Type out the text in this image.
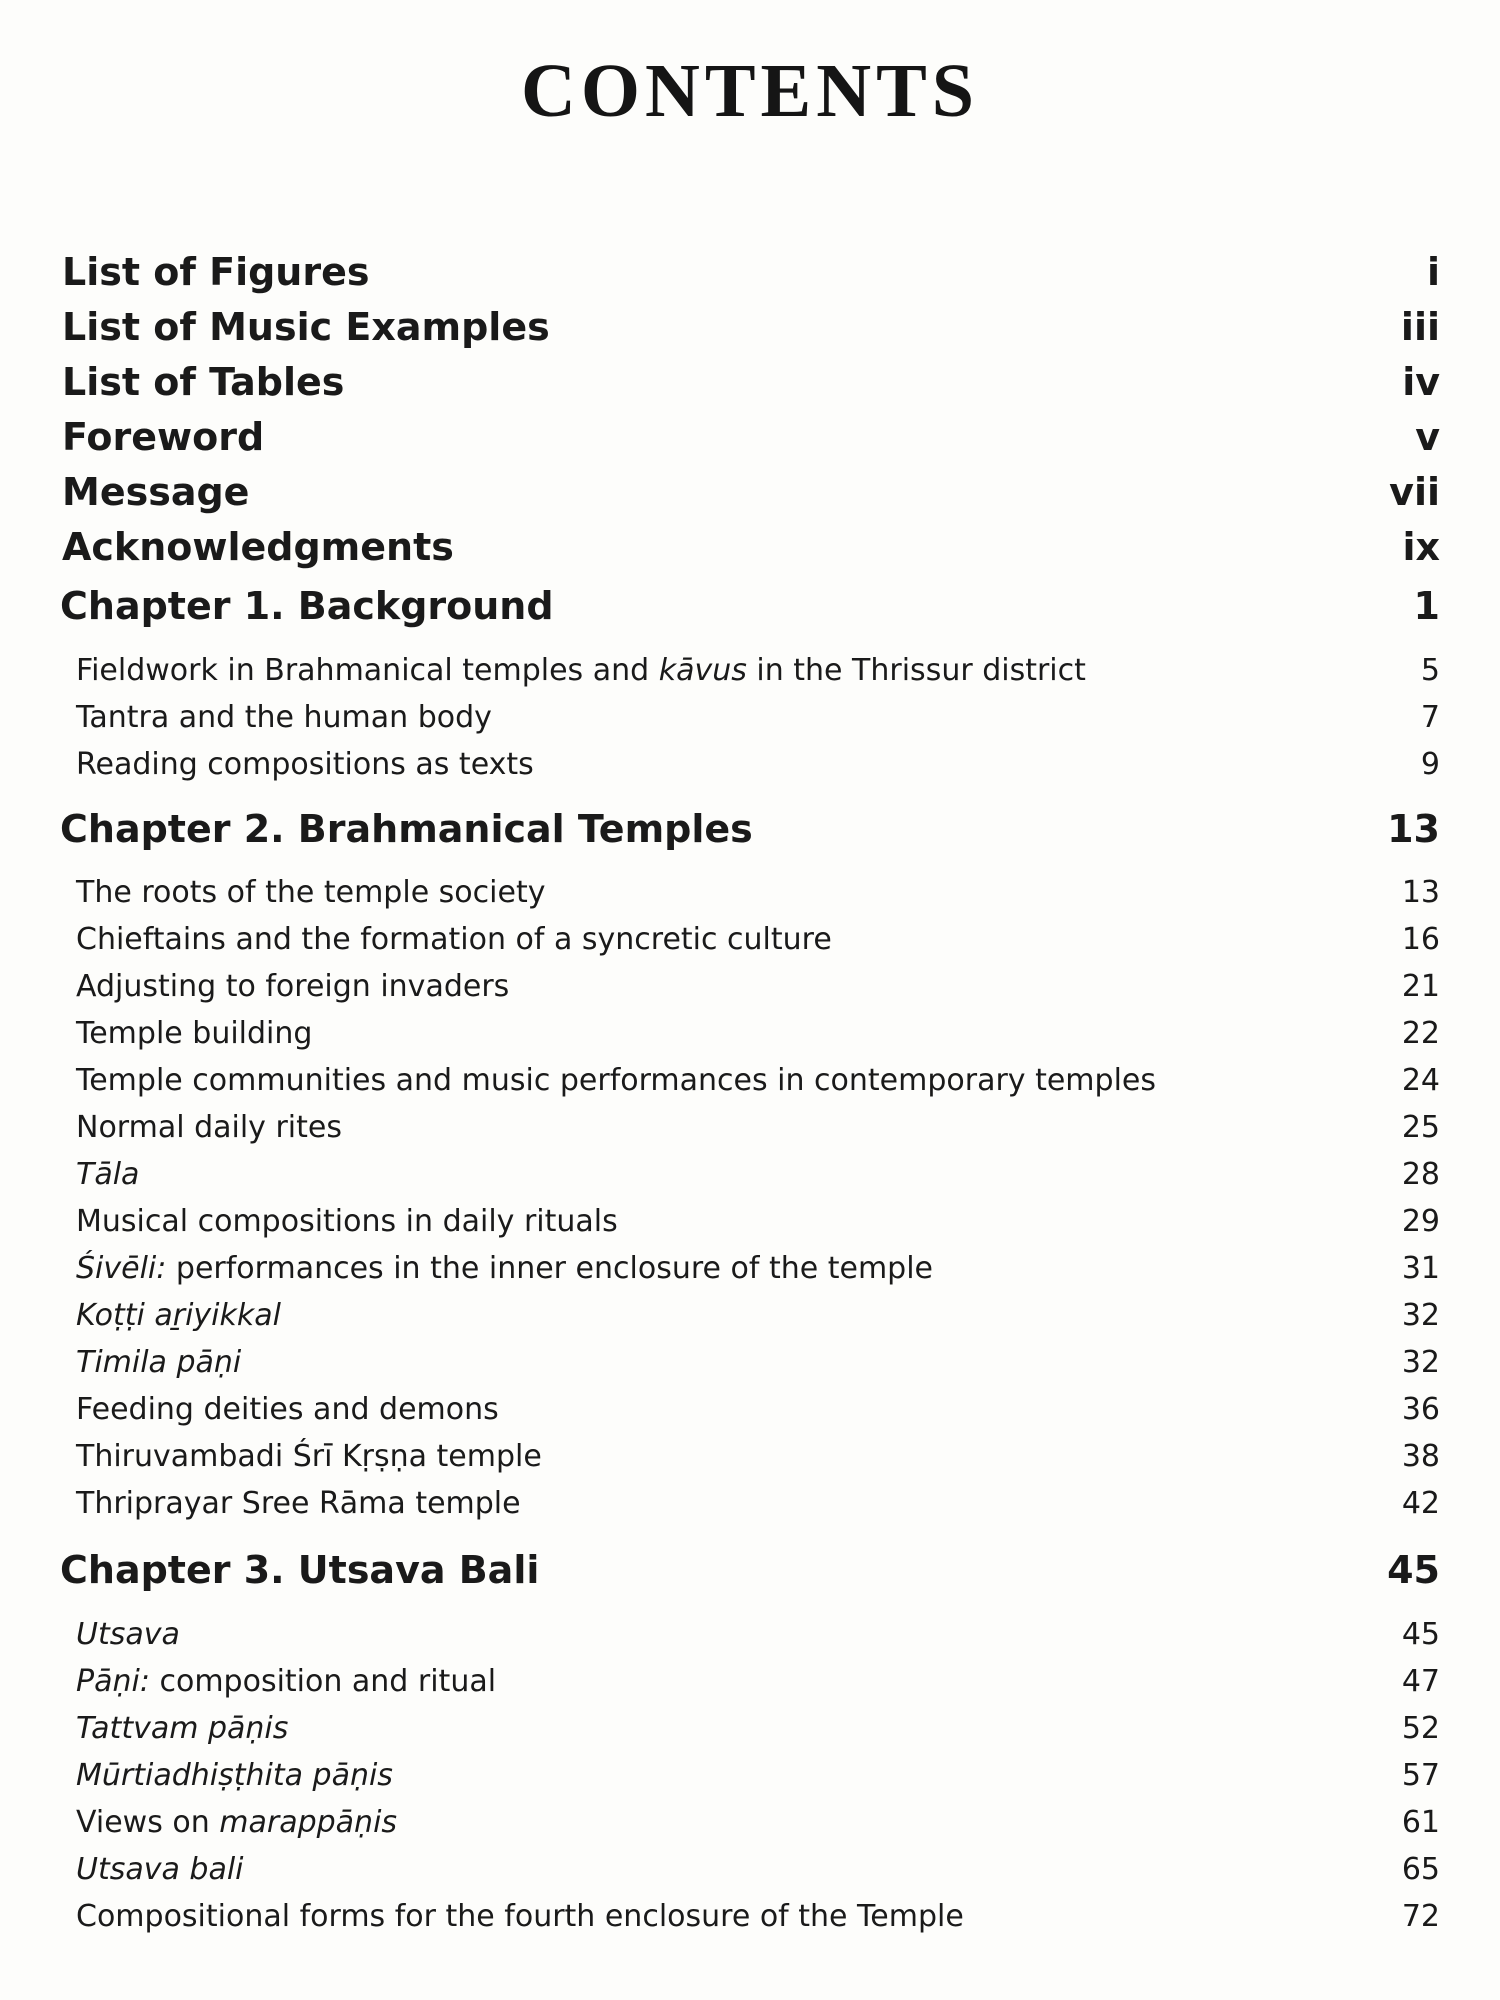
CONTENTS
List of Figures	i
List of Music Examples	iii
List of Tables	iv
Foreword	v
Message	vii
Acknowledgments	ix
Chapter 1. Background	1
Fieldwork in Brahmanical temples and kāvus in the Thrissur district	5
Tantra and the human body	7
Reading compositions as texts	9
Chapter 2. Brahmanical Temples	13
The roots of the temple society	13
Chieftains and the formation of a syncretic culture	16
Adjusting to foreign invaders	21
Temple building	22
Temple communities and music performances in contemporary temples	24
Normal daily rites	25
Tāla	28
Musical compositions in daily rituals	29
Śivēli: performances in the inner enclosure of the temple	31
Koṭṭi aṟiyikkal	32
Timila pāṇi	32
Feeding deities and demons	36
Thiruvambadi Śrī Kṛṣṇa temple	38
Thriprayar Sree Rāma temple	42
Chapter 3. Utsava Bali	45
Utsava	45
Pāṇi: composition and ritual	47
Tattvam pāṇis	52
Mūrtiadhiṣṭhita pāṇis	57
Views on marappāṇis	61
Utsava bali	65
Compositional forms for the fourth enclosure of the Temple	72
